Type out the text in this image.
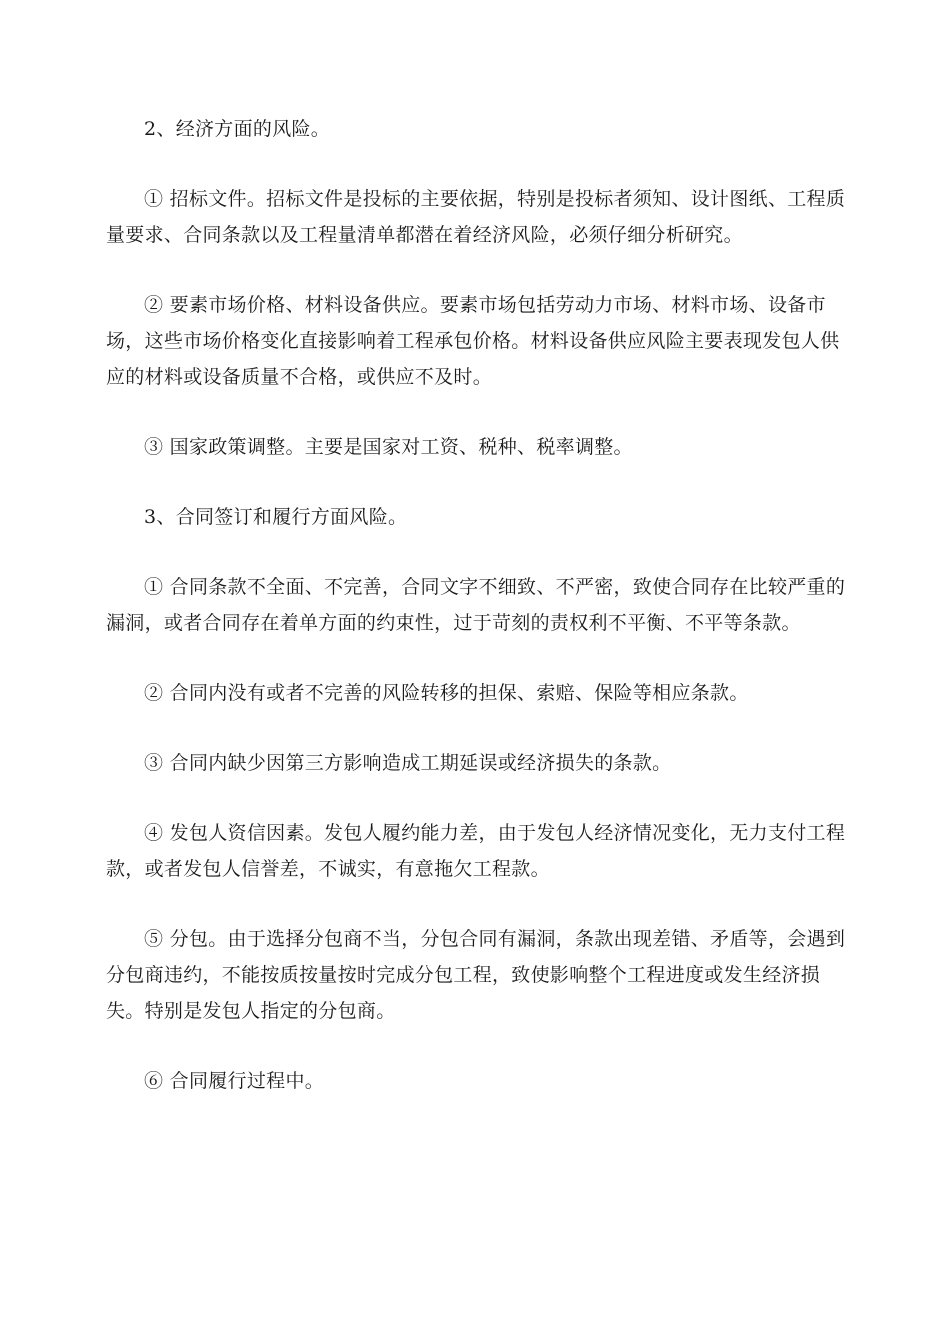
2、经济方面的风险。

① 招标文件。招标文件是投标的主要依据，特别是投标者须知、设计图纸、工程质量要求、合同条款以及工程量清单都潜在着经济风险，必须仔细分析研究。

② 要素市场价格、材料设备供应。要素市场包括劳动力市场、材料市场、设备市场，这些市场价格变化直接影响着工程承包价格。材料设备供应风险主要表现发包人供应的材料或设备质量不合格，或供应不及时。

③ 国家政策调整。主要是国家对工资、税种、税率调整。

3、合同签订和履行方面风险。

① 合同条款不全面、不完善，合同文字不细致、不严密，致使合同存在比较严重的漏洞，或者合同存在着单方面的约束性，过于苛刻的责权利不平衡、不平等条款。

② 合同内没有或者不完善的风险转移的担保、索赔、保险等相应条款。

③ 合同内缺少因第三方影响造成工期延误或经济损失的条款。

④ 发包人资信因素。发包人履约能力差，由于发包人经济情况变化，无力支付工程款，或者发包人信誉差，不诚实，有意拖欠工程款。

⑤ 分包。由于选择分包商不当，分包合同有漏洞，条款出现差错、矛盾等，会遇到分包商违约，不能按质按量按时完成分包工程，致使影响整个工程进度或发生经济损失。特别是发包人指定的分包商。

⑥ 合同履行过程中。
